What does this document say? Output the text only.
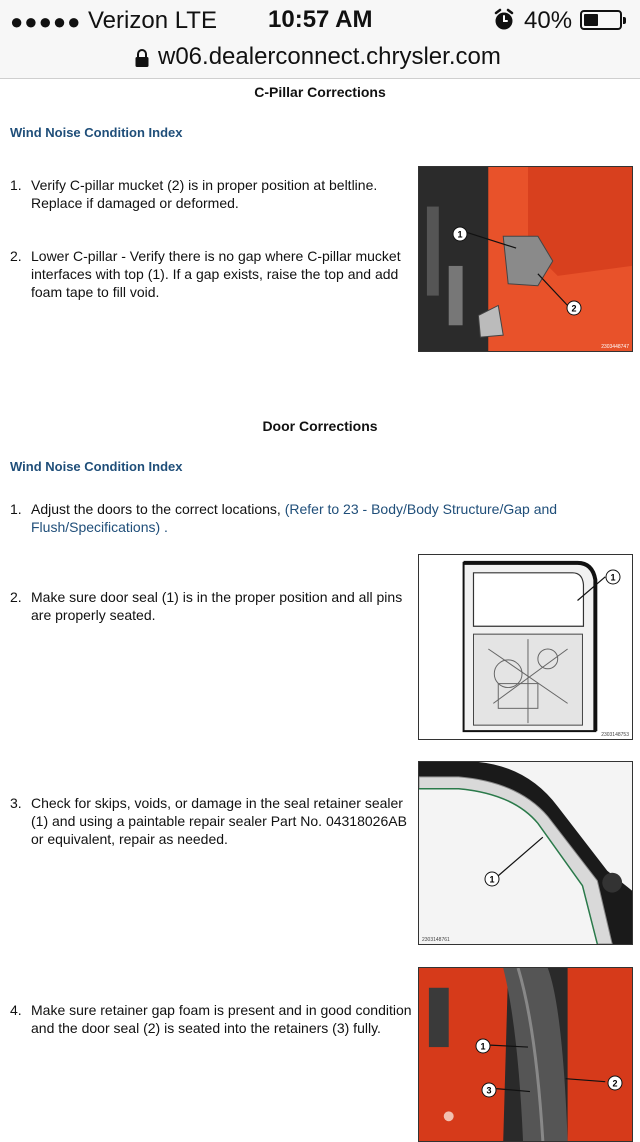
●●●●● Verizon LTE 10:57 AM	40%
w06.dealerconnect.chrysler.com
C-Pillar Corrections
Wind Noise Condition Index
1. Verify C-pillar mucket (2) is in proper position at beltline. Replace if damaged or deformed.
2. Lower C-pillar - Verify there is no gap where C-pillar mucket interfaces with top (1). If a gap exists, raise the top and add foam tape to fill void.
1
2
2303448747
Door Corrections
Wind Noise Condition Index
1. Adjust the doors to the correct locations, (Refer to 23 - Body/Body Structure/Gap and Flush/Specifications) .
2. Make sure door seal (1) is in the proper position and all pins are properly seated.
1
2303148753
3. Check for skips, voids, or damage in the seal retainer sealer (1) and using a paintable repair sealer Part No. 04318026AB or equivalent, repair as needed.
1
2303148761
4. Make sure retainer gap foam is present and in good condition and the door seal (2) is seated into the retainers (3) fully.
1
3
2
